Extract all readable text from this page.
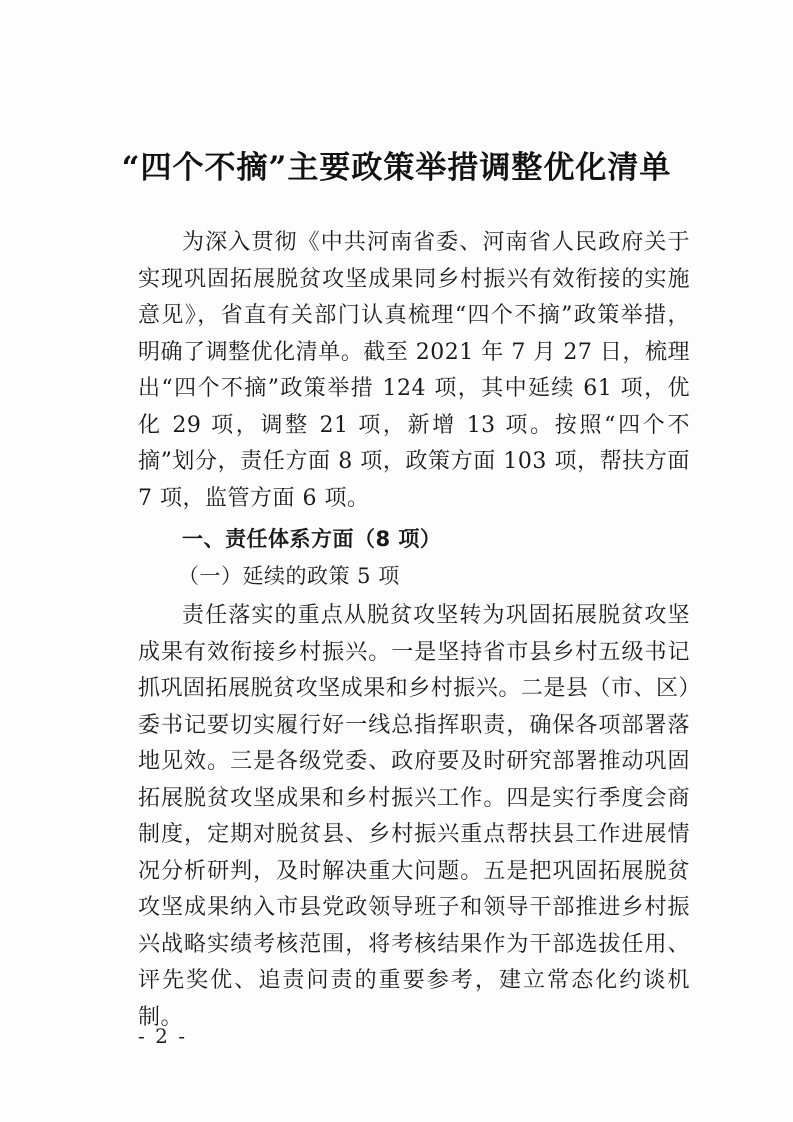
“四个不摘”主要政策举措调整优化清单

为深入贯彻《中共河南省委、河南省人民政府关于实现巩固拓展脱贫攻坚成果同乡村振兴有效衔接的实施意见》，省直有关部门认真梳理“四个不摘”政策举措，明确了调整优化清单。截至 2021 年 7 月 27 日，梳理出“四个不摘”政策举措 124 项，其中延续 61 项，优化 29 项，调整 21 项，新增 13 项。按照“四个不摘”划分，责任方面 8 项，政策方面 103 项，帮扶方面 7 项，监管方面 6 项。

一、责任体系方面（8 项）

（一）延续的政策 5 项

责任落实的重点从脱贫攻坚转为巩固拓展脱贫攻坚成果有效衔接乡村振兴。一是坚持省市县乡村五级书记抓巩固拓展脱贫攻坚成果和乡村振兴。二是县（市、区）委书记要切实履行好一线总指挥职责，确保各项部署落地见效。三是各级党委、政府要及时研究部署推动巩固拓展脱贫攻坚成果和乡村振兴工作。四是实行季度会商制度，定期对脱贫县、乡村振兴重点帮扶县工作进展情况分析研判，及时解决重大问题。五是把巩固拓展脱贫攻坚成果纳入市县党政领导班子和领导干部推进乡村振兴战略实绩考核范围，将考核结果作为干部选拔任用、评先奖优、追责问责的重要参考，建立常态化约谈机制。

- 2 -
